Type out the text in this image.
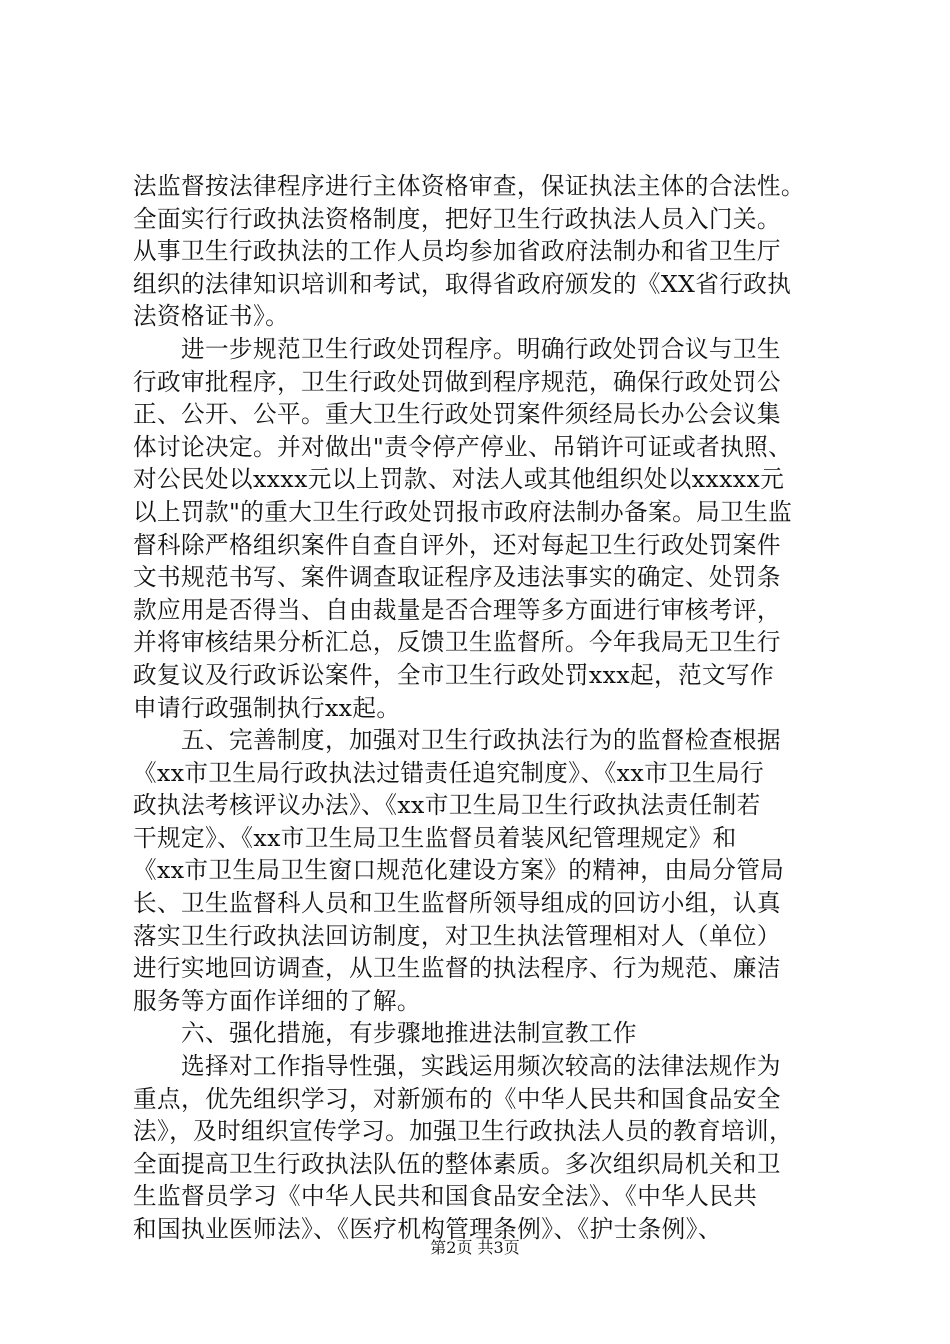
法监督按法律程序进行主体资格审查，保证执法主体的合法性。
全面实行行政执法资格制度，把好卫生行政执法人员入门关。
从事卫生行政执法的工作人员均参加省政府法制办和省卫生厅
组织的法律知识培训和考试，取得省政府颁发的《XX省行政执
法资格证书》。
　　进一步规范卫生行政处罚程序。明确行政处罚合议与卫生
行政审批程序，卫生行政处罚做到程序规范，确保行政处罚公
正、公开、公平。重大卫生行政处罚案件须经局长办公会议集
体讨论决定。并对做出"责令停产停业、吊销许可证或者执照、
对公民处以xxxx元以上罚款、对法人或其他组织处以xxxxx元
以上罚款"的重大卫生行政处罚报市政府法制办备案。局卫生监
督科除严格组织案件自查自评外，还对每起卫生行政处罚案件
文书规范书写、案件调查取证程序及违法事实的确定、处罚条
款应用是否得当、自由裁量是否合理等多方面进行审核考评，
并将审核结果分析汇总，反馈卫生监督所。今年我局无卫生行
政复议及行政诉讼案件，全市卫生行政处罚xxx起，范文写作
申请行政强制执行xx起。
　　五、完善制度，加强对卫生行政执法行为的监督检查根据
《xx市卫生局行政执法过错责任追究制度》、《xx市卫生局行
政执法考核评议办法》、《xx市卫生局卫生行政执法责任制若
干规定》、《xx市卫生局卫生监督员着装风纪管理规定》和
《xx市卫生局卫生窗口规范化建设方案》的精神，由局分管局
长、卫生监督科人员和卫生监督所领导组成的回访小组，认真
落实卫生行政执法回访制度，对卫生执法管理相对人（单位）
进行实地回访调查，从卫生监督的执法程序、行为规范、廉洁
服务等方面作详细的了解。
　　六、强化措施，有步骤地推进法制宣教工作
　　选择对工作指导性强，实践运用频次较高的法律法规作为
重点，优先组织学习，对新颁布的《中华人民共和国食品安全
法》，及时组织宣传学习。加强卫生行政执法人员的教育培训，
全面提高卫生行政执法队伍的整体素质。多次组织局机关和卫
生监督员学习《中华人民共和国食品安全法》、《中华人民共
和国执业医师法》、《医疗机构管理条例》、《护士条例》、
第2页 共3页
